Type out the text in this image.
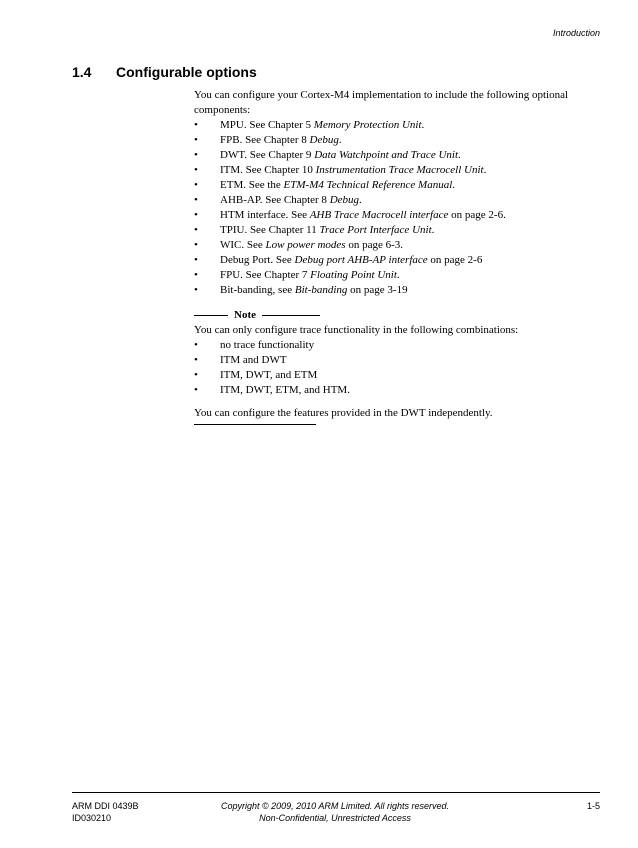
Introduction
1.4 Configurable options

You can configure your Cortex-M4 implementation to include the following optional components:

• MPU. See Chapter 5 Memory Protection Unit.
• FPB. See Chapter 8 Debug.
• DWT. See Chapter 9 Data Watchpoint and Trace Unit.
• ITM. See Chapter 10 Instrumentation Trace Macrocell Unit.
• ETM. See the ETM-M4 Technical Reference Manual.
• AHB-AP. See Chapter 8 Debug.
• HTM interface. See AHB Trace Macrocell interface on page 2-6.
• TPIU. See Chapter 11 Trace Port Interface Unit.
• WIC. See Low power modes on page 6-3.
• Debug Port. See Debug port AHB-AP interface on page 2-6
• FPU. See Chapter 7 Floating Point Unit.
• Bit-banding, see Bit-banding on page 3-19
Note

You can only configure trace functionality in the following combinations:

• no trace functionality
• ITM and DWT
• ITM, DWT, and ETM
• ITM, DWT, ETM, and HTM.

You can configure the features provided in the DWT independently.

ARM DDI 0439B
ID030210
Copyright © 2009, 2010 ARM Limited. All rights reserved.
Non-Confidential, Unrestricted Access
1-5
